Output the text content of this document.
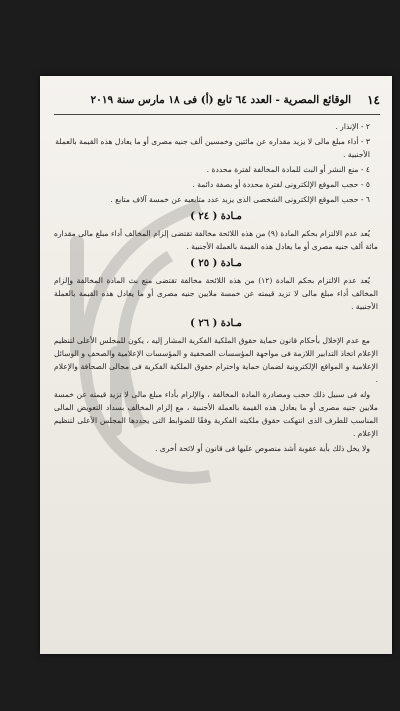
١٤
الوقائع المصرية - العدد ٦٤ تابع (أ) فى ١٨ مارس سنة ٢٠١٩
٢ - الإنذار .
٣ - أداء مبلغ مالى لا يزيد مقداره عن مائتين وخمسين ألف جنيه مصرى أو ما يعادل هذه القيمة بالعملة الأجنبية .
٤ - منع النشر أو البث للمادة المخالفة لفترة محددة .
٥ - حجب الموقع الإلكترونى لفترة محددة أو بصفة دائمة .
٦ - حجب الموقع الإلكترونى الشخصى الذى يزيد عدد متابعيه عن خمسة آلاف متابع .
مـادة ( ٢٤ )

يُعد عدم الالتزام بحكم المادة (٩) من هذه اللائحة مخالفة تقتضى إلزام المخالف أداء مبلغ مالى مقداره مائة ألف جنيه مصرى أو ما يعادل هذه القيمة بالعملة الأجنبية .

مـادة ( ٢٥ )

يُعد عدم الالتزام بحكم المادة (١٢) من هذه اللائحة مخالفة تقتضى منع بث المادة المخالفة وإلزام المخالف أداء مبلغ مالى لا تزيد قيمته عن خمسة ملايين جنيه مصرى أو ما يعادل هذه القيمة بالعملة الأجنبية .

مـادة ( ٢٦ )

مع عدم الإخلال بأحكام قانون حماية حقوق الملكية الفكرية المشار إليه ، يكون للمجلس الأعلى لتنظيم الإعلام اتخاذ التدابير اللازمة فى مواجهة المؤسسات الصحفية و المؤسسات الإعلامية والصحف و الوسائل الإعلامية و المواقع الإلكترونية لضمان حماية واحترام حقوق الملكية الفكرية فى مجالى الصحافة والإعلام .

وله فى سبيل ذلك حجب ومصادرة المادة المخالفة ، والإلزام بأداء مبلغ مالى لا تزيد قيمته عن خمسة ملايين جنيه مصرى أو ما يعادل هذه القيمة بالعملة الأجنبية ، مع إلزام المخالف بسداد التعويض المالى المناسب للطرف الذى انتهكت حقوق ملكيته الفكرية وفقًا للضوابط التى يحددها المجلس الأعلى لتنظيم الإعلام .

ولا يخل ذلك بأية عقوبة أشد منصوص عليها فى قانون أو لائحة أخرى .
